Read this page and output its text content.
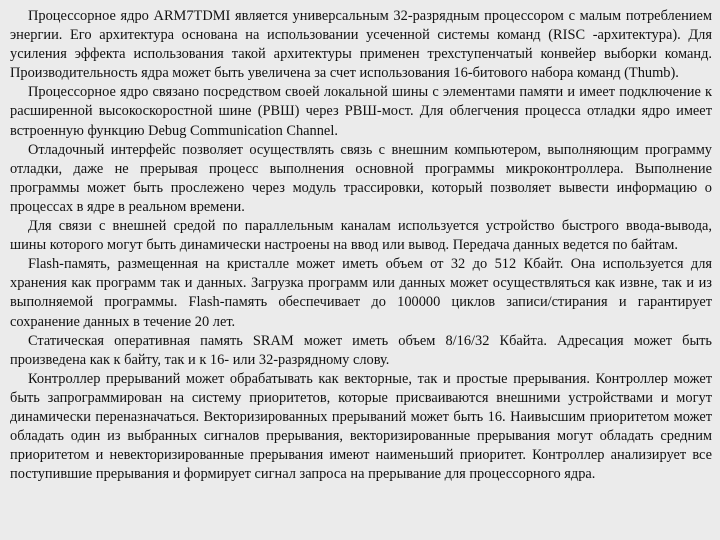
Процессорное ядро ARM7TDMI является универсальным 32-разрядным процессором с малым потреблением энергии. Его архитектура основана на использовании усеченной системы команд (RISC -архитектура). Для усиления эффекта использования такой архитектуры применен трехступенчатый конвейер выборки команд. Производительность ядра может быть увеличена за счет использования 16-битового набора команд (Thumb).

Процессорное ядро связано посредством своей локальной шины с элементами памяти и имеет подключение к расширенной высокоскоростной шине (РВШ) через РВШ-мост. Для облегчения процесса отладки ядро имеет встроенную функцию Debug Communication Channel.

Отладочный интерфейс позволяет осуществлять связь с внешним компьютером, выполняющим программу отладки, даже не прерывая процесс выполнения основной программы микроконтроллера. Выполнение программы может быть прослежено через модуль трассировки, который позволяет вывести информацию о процессах в ядре в реальном времени.

Для связи с внешней средой по параллельным каналам используется устройство быстрого ввода-вывода, шины которого могут быть динамически настроены на ввод или вывод. Передача данных ведется по байтам.

Flash-память, размещенная на кристалле может иметь объем от 32 до 512 Кбайт. Она используется для хранения как программ так и данных. Загрузка программ или данных может осуществляться как извне, так и из выполняемой программы. Flash-память обеспечивает до 100000 циклов записи/стирания и гарантирует сохранение данных в течение 20 лет.

Статическая оперативная память SRAM может иметь объем 8/16/32 Кбайта. Адресация может быть произведена как к байту, так и к 16- или 32-разрядному слову.

Контроллер прерываний может обрабатывать как векторные, так и простые прерывания. Контроллер может быть запрограммирован на систему приоритетов, которые присваиваются внешними устройствами и могут динамически переназначаться. Векторизированных прерываний может быть 16. Наивысшим приоритетом может обладать один из выбранных сигналов прерывания, векторизированные прерывания могут обладать средним приоритетом и невекторизированные прерывания имеют наименьший приоритет. Контроллер анализирует все поступившие прерывания и формирует сигнал запроса на прерывание для процессорного ядра.
